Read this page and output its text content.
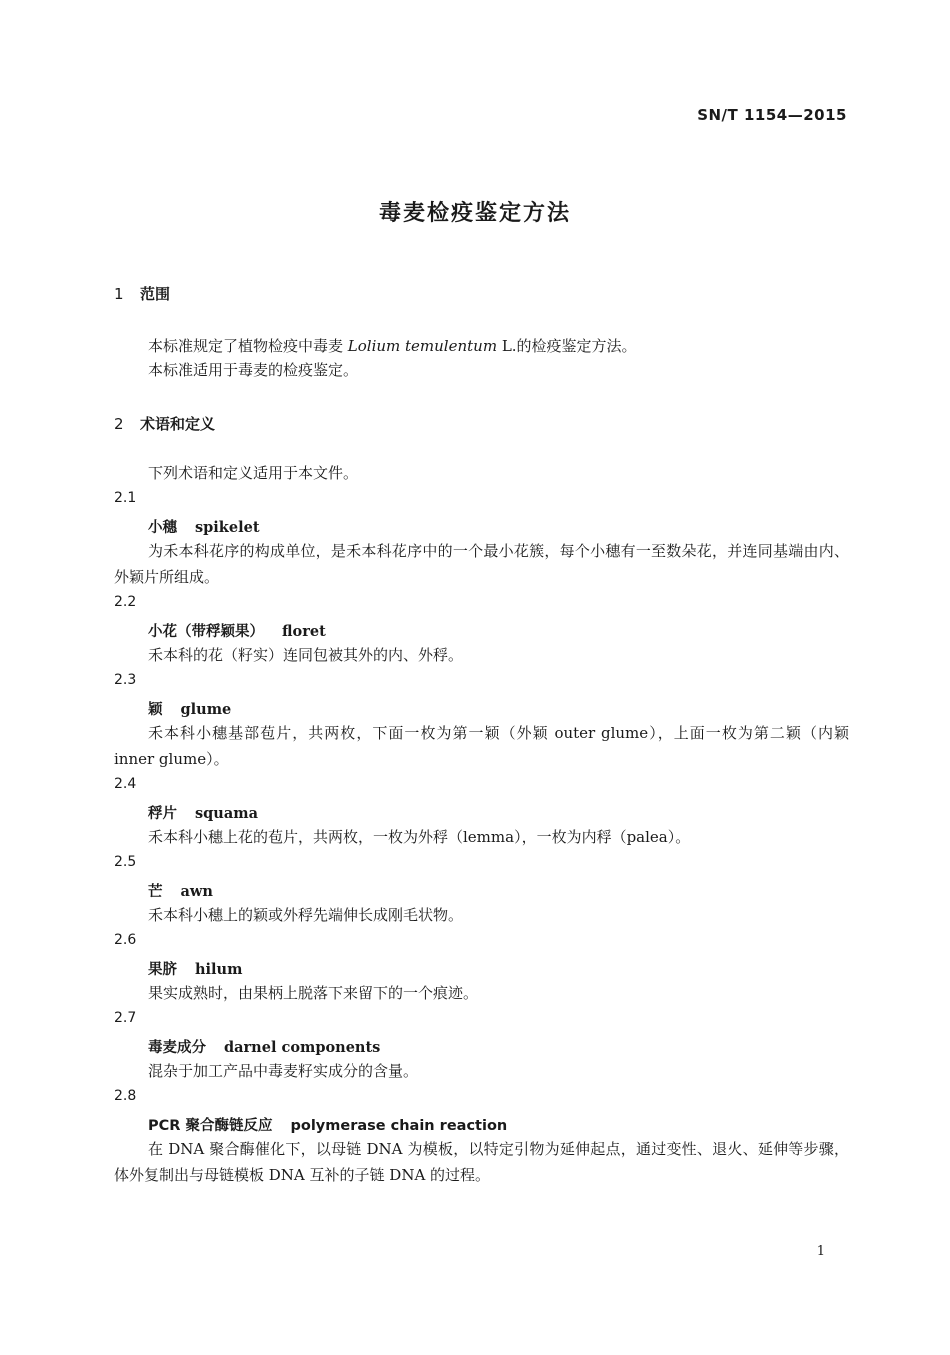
SN/T 1154—2015
毒麦检疫鉴定方法
1 范围
本标准规定了植物检疫中毒麦 Lolium temulentum L.的检疫鉴定方法。
本标准适用于毒麦的检疫鉴定。
2 术语和定义
下列术语和定义适用于本文件。
2.1
小穗 spikelet
为禾本科花序的构成单位，是禾本科花序中的一个最小花簇，每个小穗有一至数朵花，并连同基端由内、外颖片所组成。
2.2
小花（带稃颖果） floret
禾本科的花（籽实）连同包被其外的内、外稃。
2.3
颖 glume
禾本科小穗基部苞片，共两枚，下面一枚为第一颖（外颖 outer glume），上面一枚为第二颖（内颖 inner glume）。
2.4
稃片 squama
禾本科小穗上花的苞片，共两枚，一枚为外稃（lemma），一枚为内稃（palea）。
2.5
芒 awn
禾本科小穗上的颖或外稃先端伸长成刚毛状物。
2.6
果脐 hilum
果实成熟时，由果柄上脱落下来留下的一个痕迹。
2.7
毒麦成分 darnel components
混杂于加工产品中毒麦籽实成分的含量。
2.8
PCR 聚合酶链反应 polymerase chain reaction
在 DNA 聚合酶催化下，以母链 DNA 为模板，以特定引物为延伸起点，通过变性、退火、延伸等步骤，体外复制出与母链模板 DNA 互补的子链 DNA 的过程。
1
